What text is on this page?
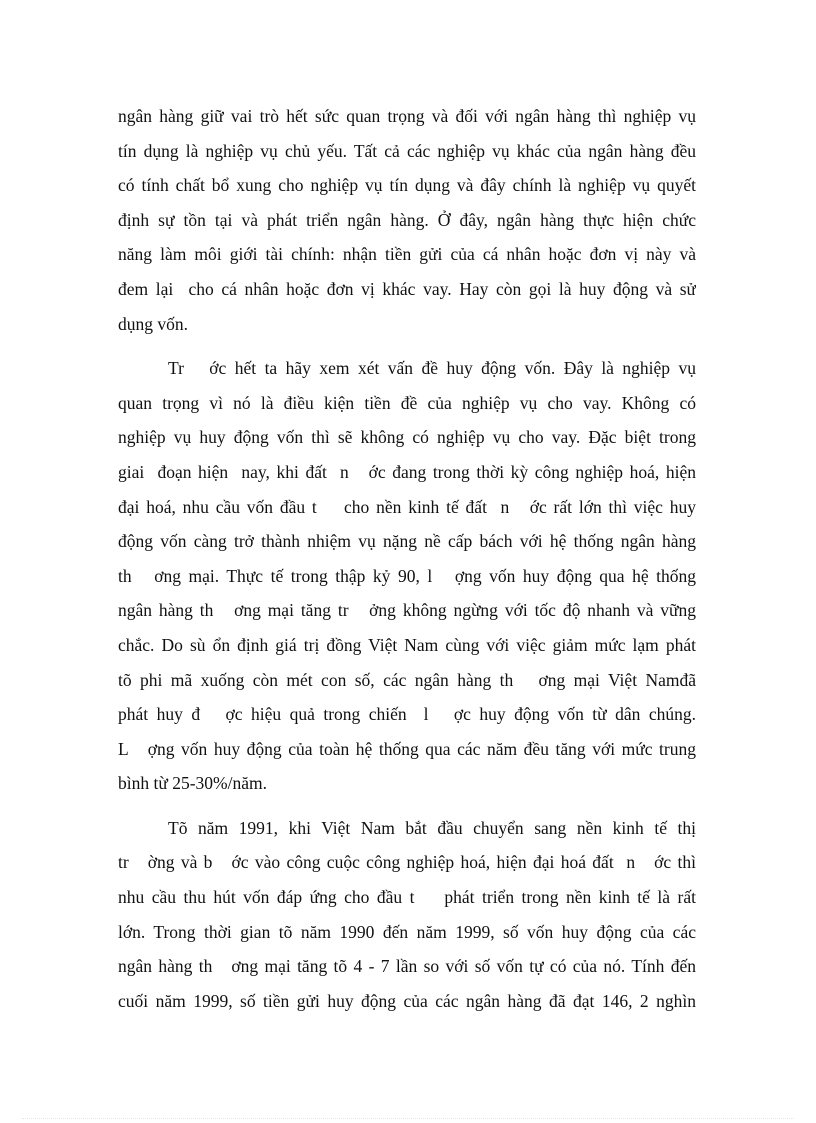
ngân hàng giữ vai trò hết sức quan trọng và đối với ngân hàng thì nghiệp vụ
tín dụng là nghiệp vụ chủ yếu. Tất cả các nghiệp vụ khác của ngân hàng đều
có tính chất bổ xung cho nghiệp vụ tín dụng và đây chính là nghiệp vụ quyết
định sự tồn tại và phát triển ngân hàng. Ở đây, ngân hàng thực hiện chức
năng làm môi giới tài chính: nhận tiền gửi của cá nhân hoặc đơn vị này và
đem lại  cho cá nhân hoặc đơn vị khác vay. Hay còn gọi là huy động và sử
dụng vốn.
Tr   ớc hết ta hãy xem xét vấn đề huy động vốn. Đây là nghiệp vụ
quan trọng vì nó là điều kiện tiền đề của nghiệp vụ cho vay. Không có
nghiệp vụ huy động vốn thì sẽ không có nghiệp vụ cho vay. Đặc biệt trong
giai  đoạn hiện  nay, khi đất  n   ớc đang trong thời kỳ công nghiệp hoá, hiện
đại hoá, nhu cầu vốn đầu t    cho nền kinh tế đất  n   ớc rất lớn thì việc huy
động vốn càng trở thành nhiệm vụ nặng nề cấp bách với hệ thống ngân hàng
th   ơng mại. Thực tế trong thập kỷ 90, l   ợng vốn huy động qua hệ thống
ngân hàng th   ơng mại tăng tr   ởng không ngừng với tốc độ nhanh và vững
chắc. Do sù ổn định giá trị đồng Việt Nam cùng với việc giảm mức lạm phát
tõ phi mã xuống còn mét con số, các ngân hàng th   ơng mại Việt Namđã
phát huy đ   ợc hiệu quả trong chiến  l   ợc huy động vốn từ dân chúng.
L   ợng vốn huy động của toàn hệ thống qua các năm đều tăng với mức trung
bình từ 25-30%/năm.
Tõ năm 1991, khi Việt Nam bắt đầu chuyển sang nền kinh tế thị
tr   ờng và b   ớc vào công cuộc công nghiệp hoá, hiện đại hoá đất  n   ớc thì
nhu cầu thu hút vốn đáp ứng cho đầu t    phát triển trong nền kinh tế là rất
lớn. Trong thời gian tõ năm 1990 đến năm 1999, số vốn huy động của các
ngân hàng th   ơng mại tăng tõ 4 - 7 lần so với số vốn tự có của nó. Tính đến
cuối năm 1999, số tiền gửi huy động của các ngân hàng đã đạt 146, 2 nghìn
